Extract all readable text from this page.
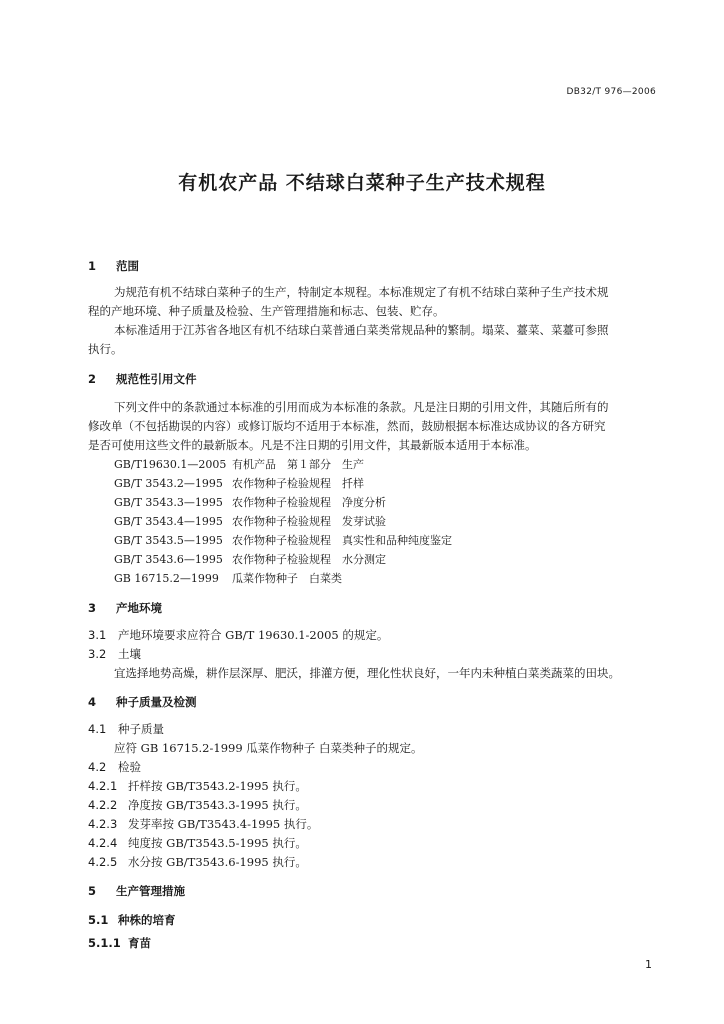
DB32/T 976—2006
有机农产品 不结球白菜种子生产技术规程
1 范围
为规范有机不结球白菜种子的生产，特制定本规程。本标准规定了有机不结球白菜种子生产技术规
程的产地环境、种子质量及检验、生产管理措施和标志、包装、贮存。
本标准适用于江苏省各地区有机不结球白菜普通白菜类常规品种的繁制。塌菜、薹菜、菜薹可参照
执行。
2 规范性引用文件
下列文件中的条款通过本标准的引用而成为本标准的条款。凡是注日期的引用文件，其随后所有的
修改单（不包括勘误的内容）或修订版均不适用于本标准，然而，鼓励根据本标准达成协议的各方研究
是否可使用这些文件的最新版本。凡是不注日期的引用文件，其最新版本适用于本标准。
GB/T19630.1—2005 有机产品　第１部分　生产
GB/T 3543.2—1995 农作物种子检验规程　扦样
GB/T 3543.3—1995 农作物种子检验规程　净度分析
GB/T 3543.4—1995 农作物种子检验规程　发芽试验
GB/T 3543.5—1995 农作物种子检验规程　真实性和品种纯度鉴定
GB/T 3543.6—1995 农作物种子检验规程　水分测定
GB 16715.2—1999 瓜菜作物种子　白菜类
3 产地环境
3.1 产地环境要求应符合 GB/T 19630.1-2005 的规定。
3.2 土壤
宜选择地势高燥，耕作层深厚、肥沃，排灌方便，理化性状良好，一年内未种植白菜类蔬菜的田块。
4 种子质量及检测
4.1 种子质量
应符 GB 16715.2-1999 瓜菜作物种子 白菜类种子的规定。
4.2 检验
4.2.1 扦样按 GB/T3543.2-1995 执行。
4.2.2 净度按 GB/T3543.3-1995 执行。
4.2.3 发芽率按 GB/T3543.4-1995 执行。
4.2.4 纯度按 GB/T3543.5-1995 执行。
4.2.5 水分按 GB/T3543.6-1995 执行。
5 生产管理措施
5.1 种株的培育
5.1.1 育苗
1
